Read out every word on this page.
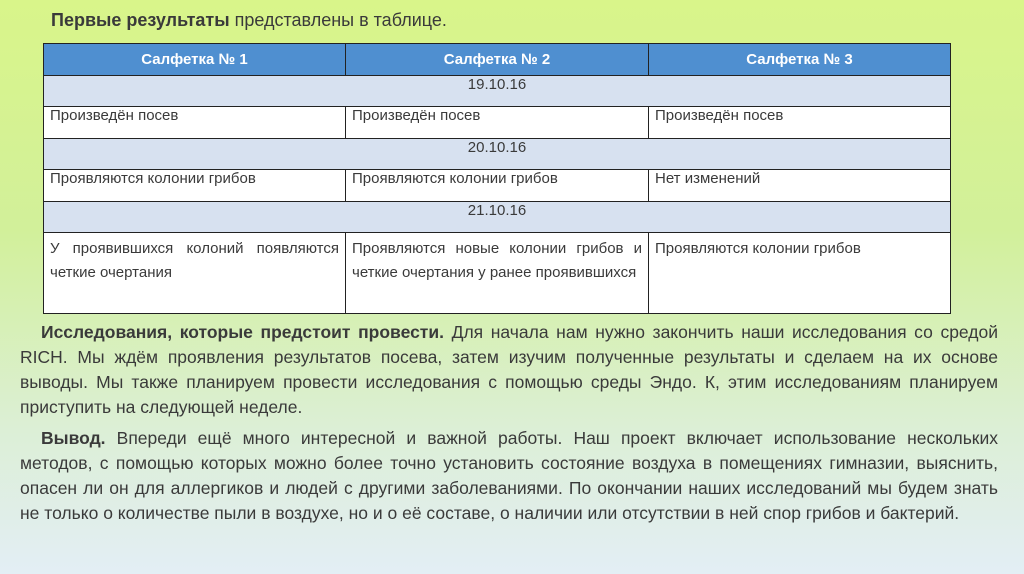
Первые результаты представлены в таблице.
Салфетка № 1	Салфетка № 2	Салфетка № 3
19.10.16		
Произведён посев	Произведён посев	Произведён посев
20.10.16		
Проявляются колонии грибов	Проявляются колонии грибов	Нет изменений
21.10.16		
У проявившихся колоний появляются четкие очертания	Проявляются новые колонии грибов и четкие очертания у ранее проявившихся	Проявляются колонии грибов
Исследования, которые предстоит провести. Для начала нам нужно закончить наши исследования со средой RICH. Мы ждём проявления результатов посева, затем изучим полученные результаты и сделаем на их основе выводы. Мы также планируем провести исследования с помощью среды Эндо. К, этим исследованиям планируем приступить на следующей неделе.
Вывод. Впереди ещё много интересной и важной работы. Наш проект включает использование нескольких методов, с помощью которых можно более точно установить состояние воздуха в помещениях гимназии, выяснить, опасен ли он для аллергиков и людей с другими заболеваниями. По окончании наших исследований мы будем знать не только о количестве пыли в воздухе, но и о её составе, о наличии или отсутствии в ней спор грибов и бактерий.
